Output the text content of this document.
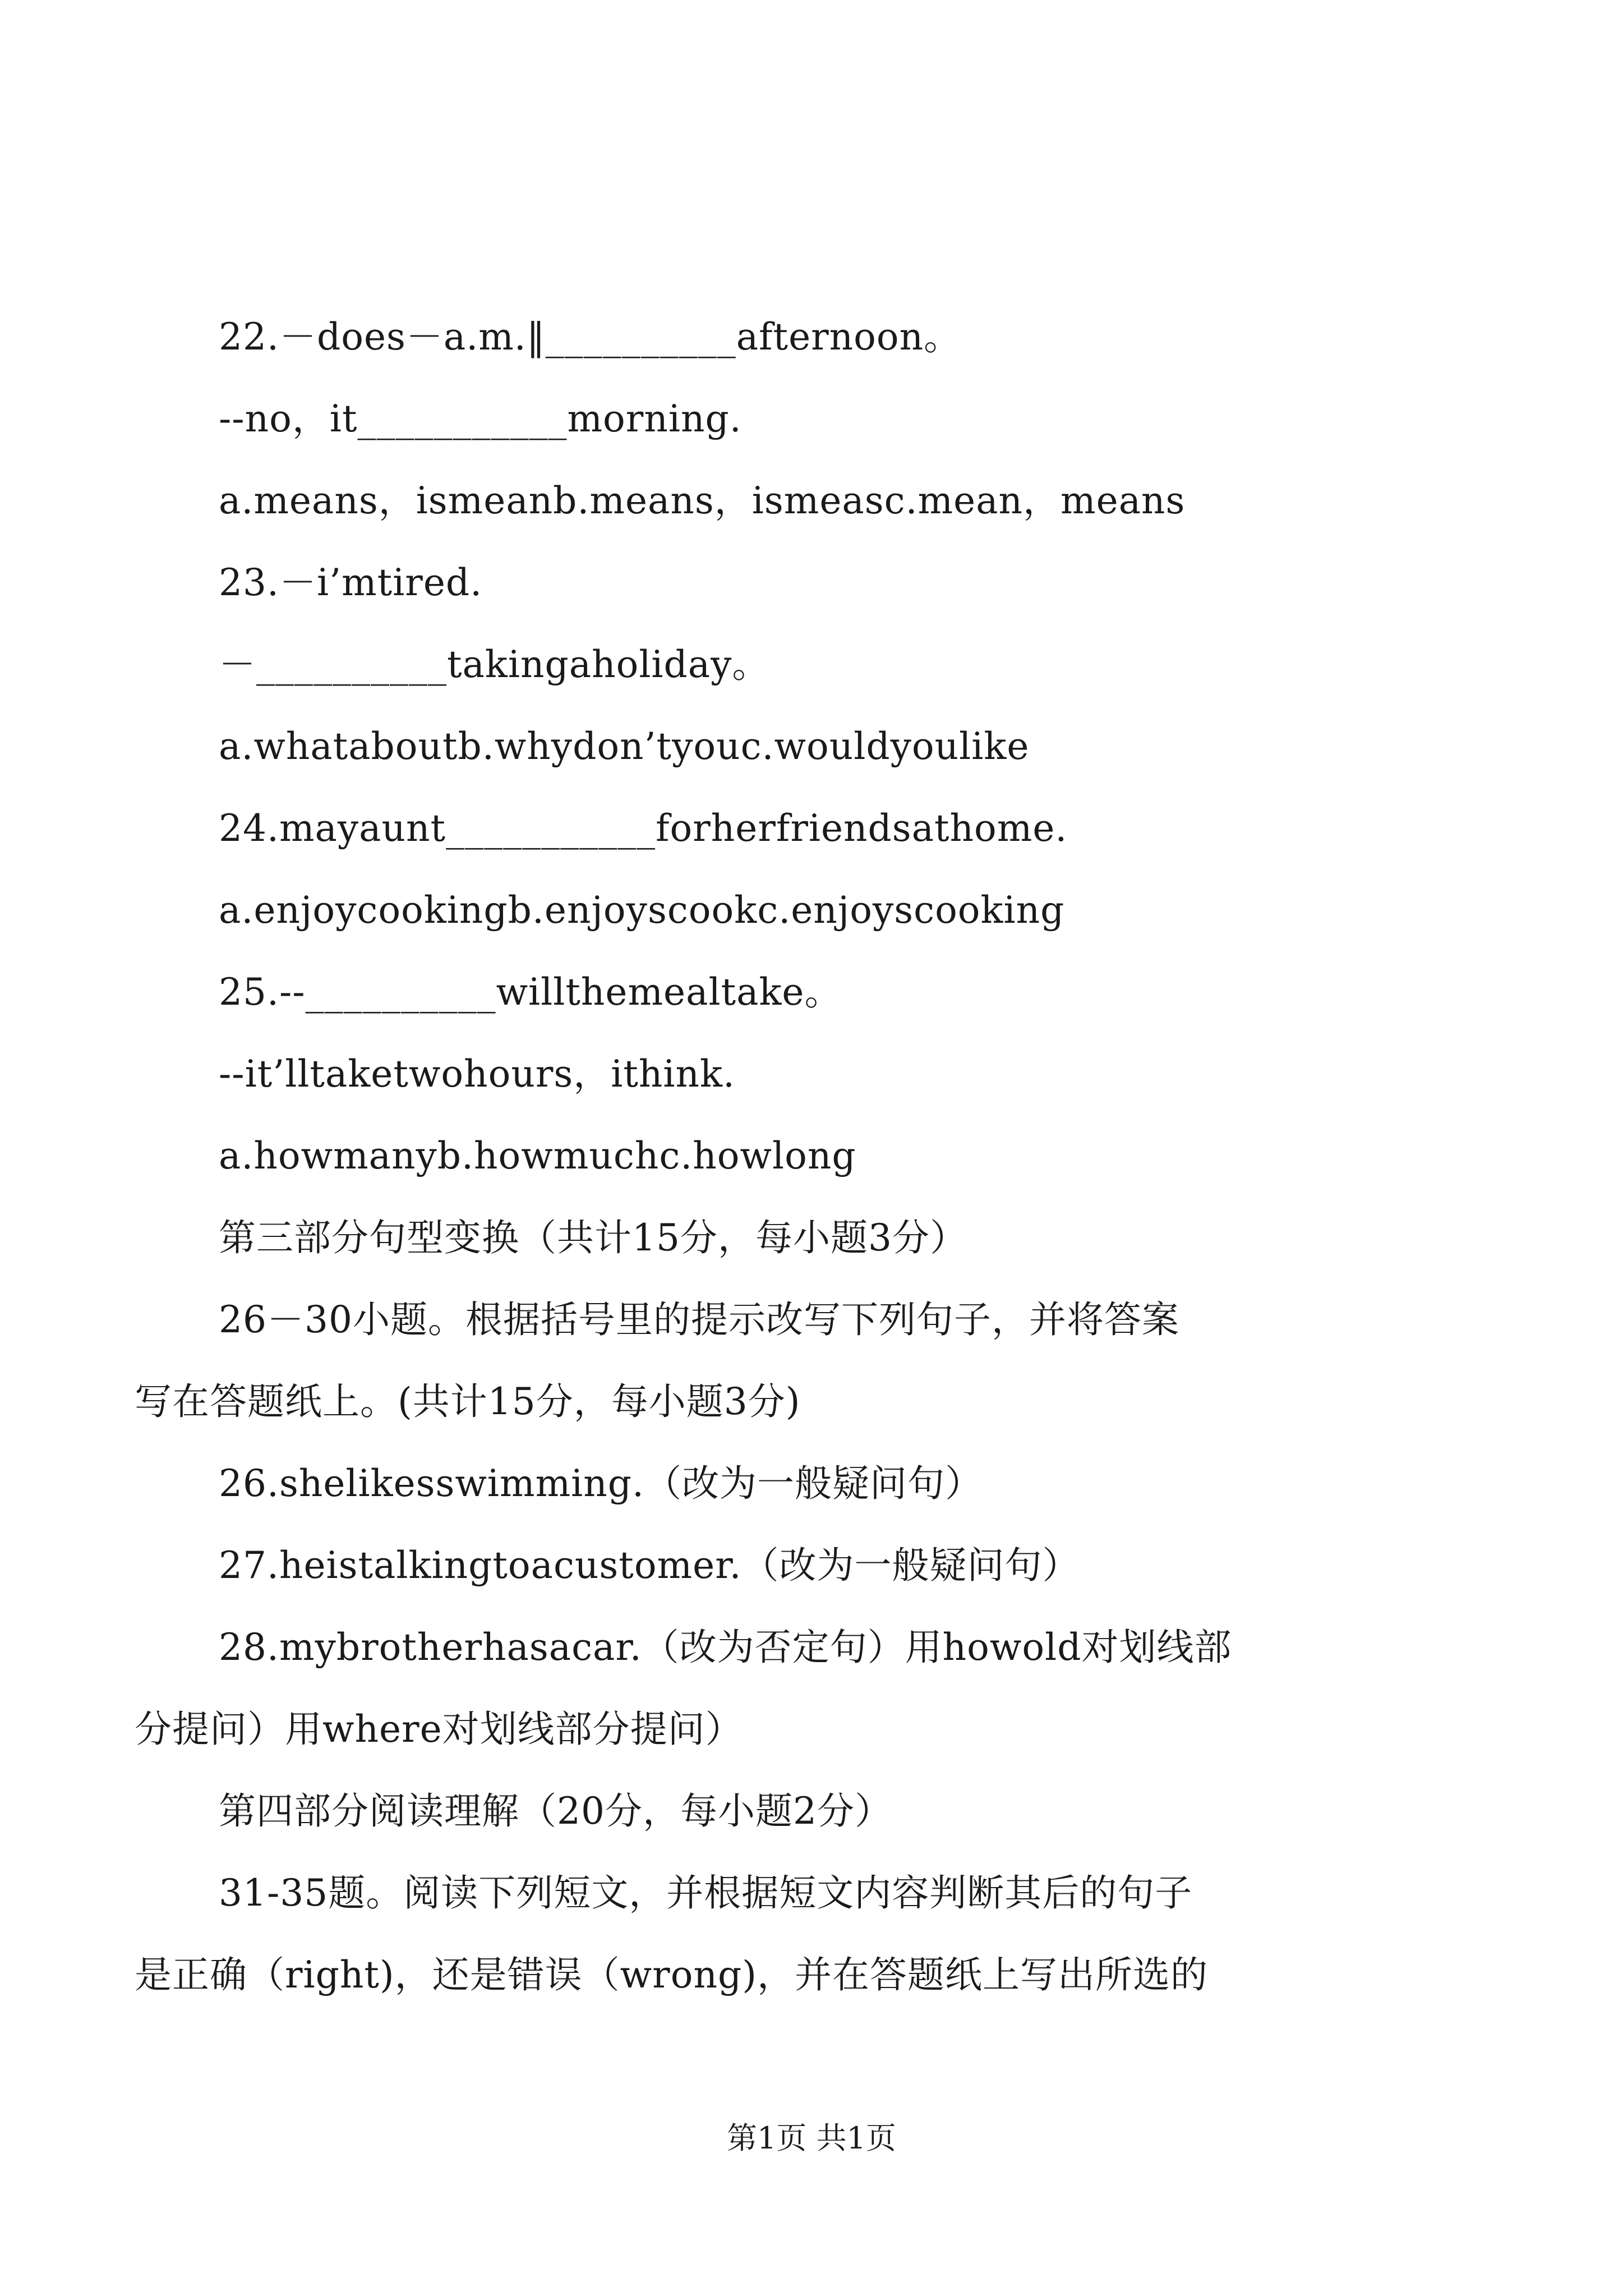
22.－does－a.m.‖__________afternoon。
--no，it___________morning.
a.means，ismeanb.means，ismeasc.mean，means
23.－i’mtired.
－__________takingaholiday。
a.whataboutb.whydon’tyouc.wouldyoulike
24.mayaunt___________forherfriendsathome.
a.enjoycookingb.enjoyscookc.enjoyscooking
25.--__________willthemealtake。
--it’lltaketwohours，ithink.
a.howmanyb.howmuchc.howlong
第三部分句型变换（共计15分，每小题3分）
26－30小题。根据括号里的提示改写下列句子，并将答案
写在答题纸上。(共计15分，每小题3分)
26.shelikesswimming.（改为一般疑问句）
27.heistalkingtoacustomer.（改为一般疑问句）
28.mybrotherhasacar.（改为否定句）用howold对划线部
分提问）用where对划线部分提问）
第四部分阅读理解（20分，每小题2分）
31-35题。阅读下列短文，并根据短文内容判断其后的句子
是正确（right)，还是错误（wrong)，并在答题纸上写出所选的
第1页 共1页
